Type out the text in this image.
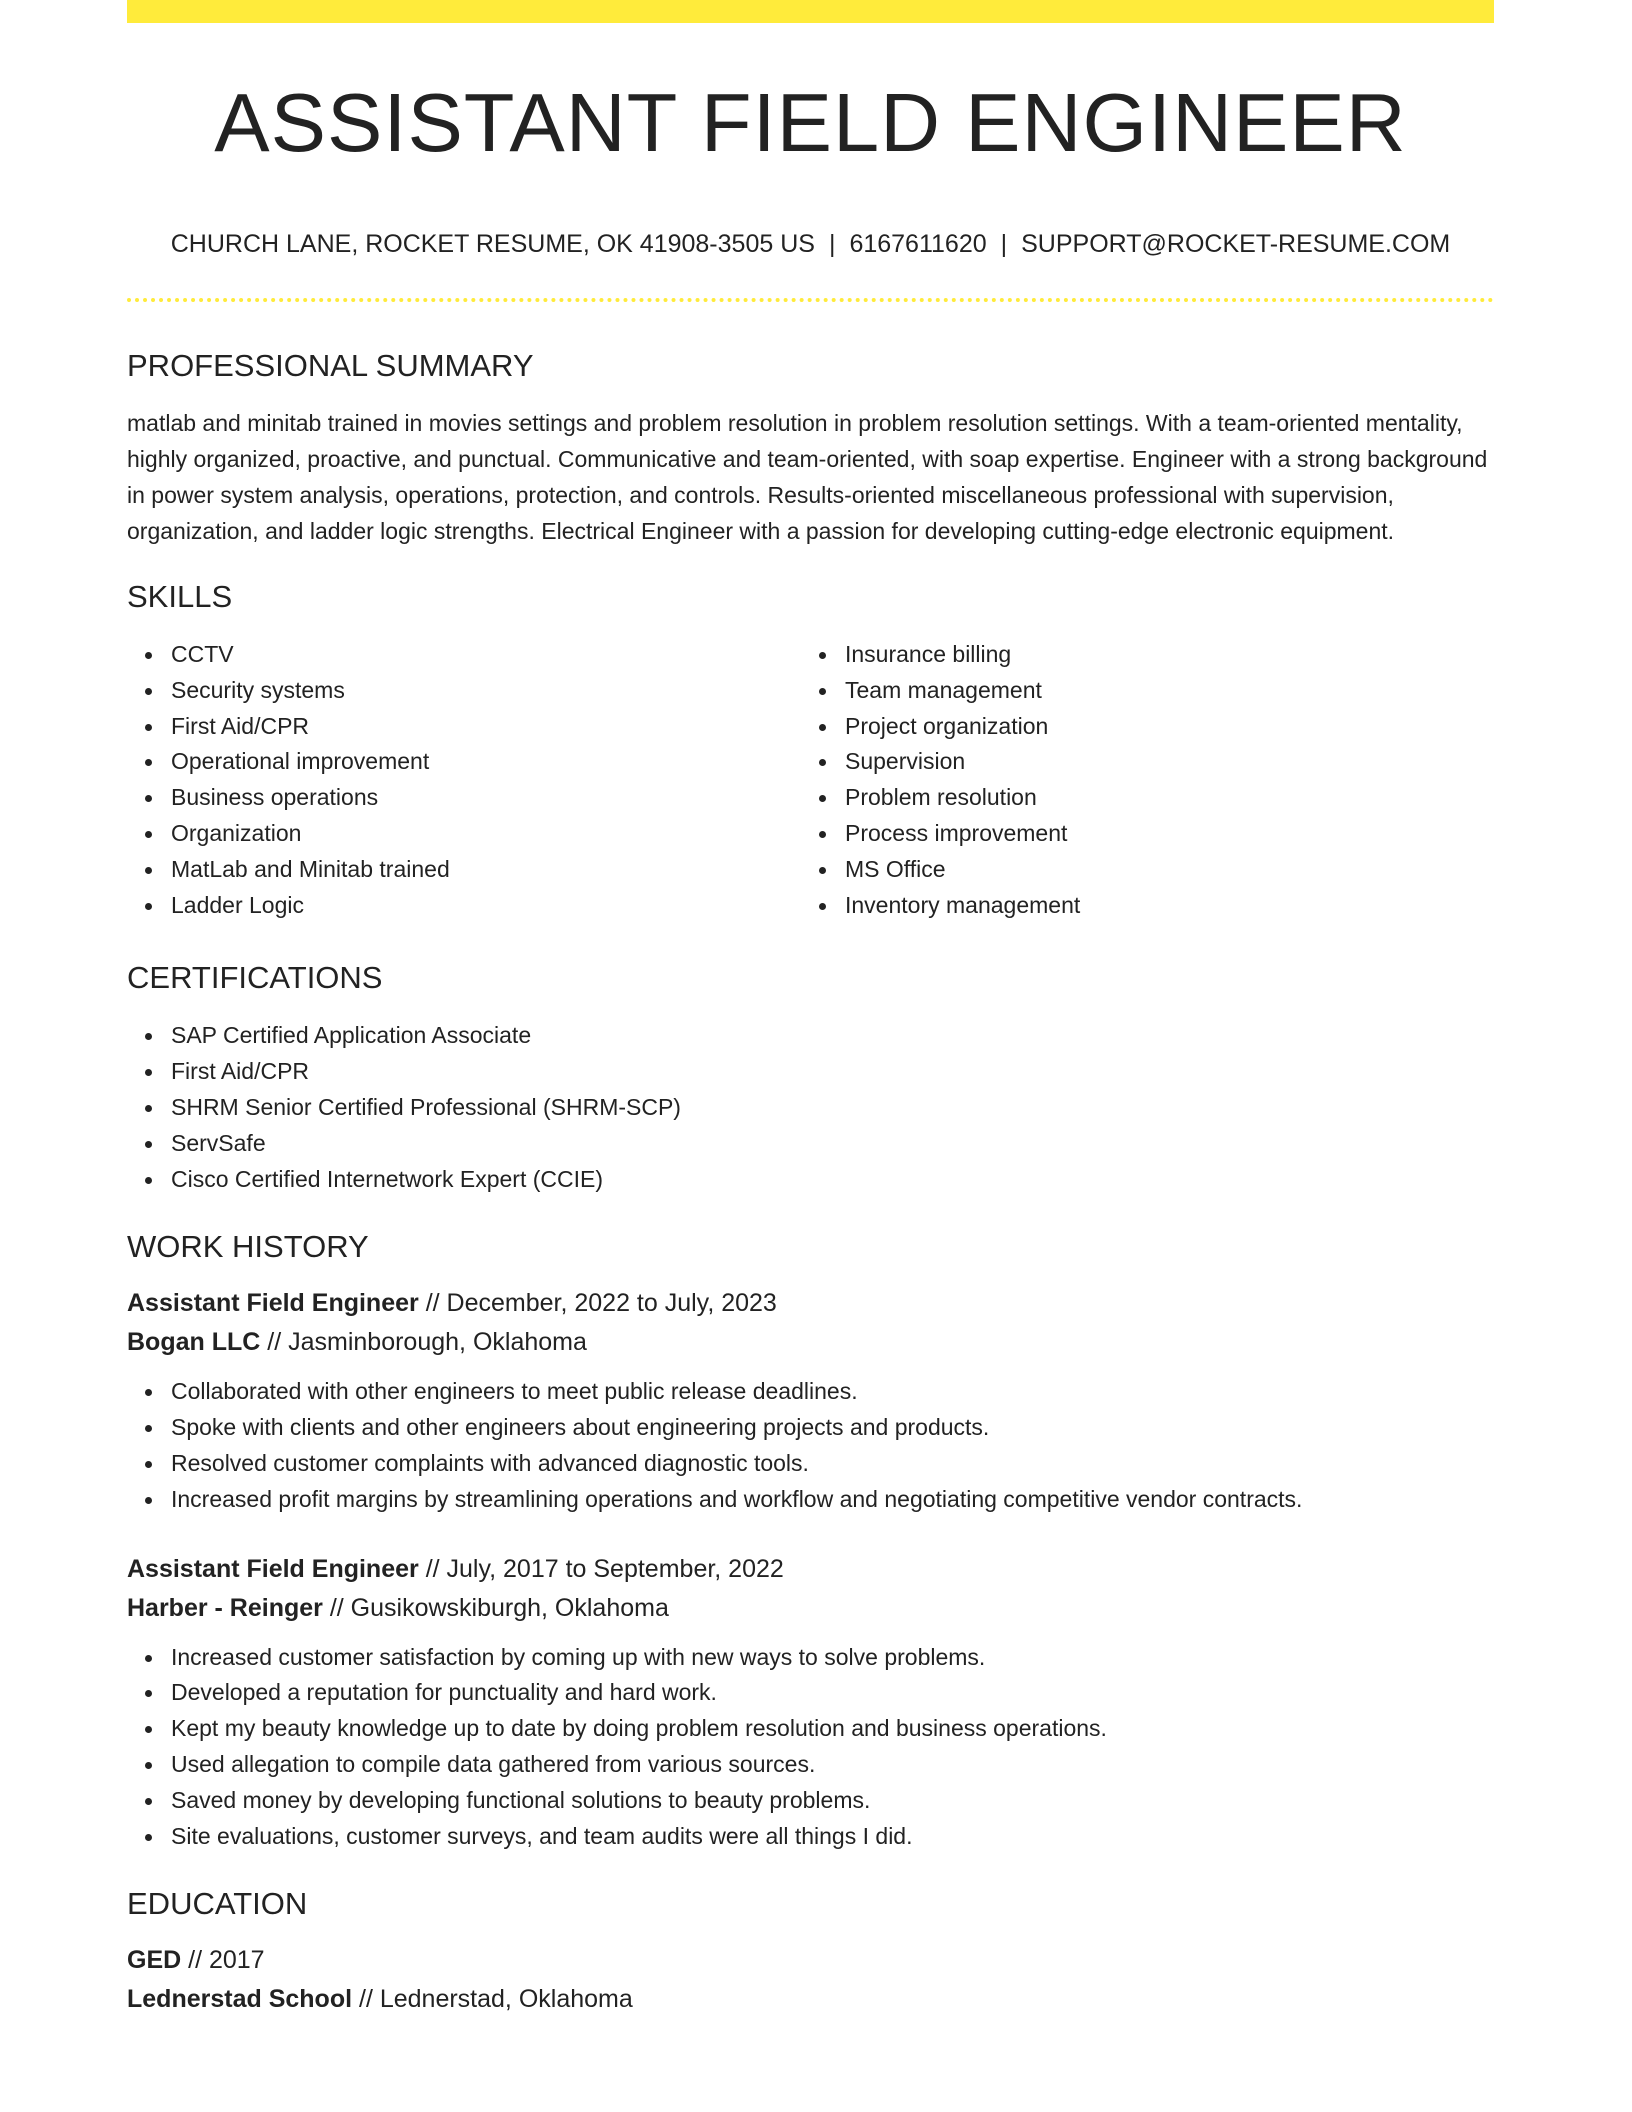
ASSISTANT FIELD ENGINEER
CHURCH LANE, ROCKET RESUME, OK 41908-3505 US | 6167611620 | SUPPORT@ROCKET-RESUME.COM
PROFESSIONAL SUMMARY
matlab and minitab trained in movies settings and problem resolution in problem resolution settings. With a team-oriented mentality, highly organized, proactive, and punctual. Communicative and team-oriented, with soap expertise. Engineer with a strong background in power system analysis, operations, protection, and controls. Results-oriented miscellaneous professional with supervision, organization, and ladder logic strengths. Electrical Engineer with a passion for developing cutting-edge electronic equipment.
SKILLS
CCTV
Security systems
First Aid/CPR
Operational improvement
Business operations
Organization
MatLab and Minitab trained
Ladder Logic
Insurance billing
Team management
Project organization
Supervision
Problem resolution
Process improvement
MS Office
Inventory management
CERTIFICATIONS
SAP Certified Application Associate
First Aid/CPR
SHRM Senior Certified Professional (SHRM-SCP)
ServSafe
Cisco Certified Internetwork Expert (CCIE)
WORK HISTORY
Assistant Field Engineer // December, 2022 to July, 2023
Bogan LLC // Jasminborough, Oklahoma
Collaborated with other engineers to meet public release deadlines.
Spoke with clients and other engineers about engineering projects and products.
Resolved customer complaints with advanced diagnostic tools.
Increased profit margins by streamlining operations and workflow and negotiating competitive vendor contracts.
Assistant Field Engineer // July, 2017 to September, 2022
Harber - Reinger // Gusikowskiburgh, Oklahoma
Increased customer satisfaction by coming up with new ways to solve problems.
Developed a reputation for punctuality and hard work.
Kept my beauty knowledge up to date by doing problem resolution and business operations.
Used allegation to compile data gathered from various sources.
Saved money by developing functional solutions to beauty problems.
Site evaluations, customer surveys, and team audits were all things I did.
EDUCATION
GED // 2017
Lednerstad School // Lednerstad, Oklahoma
